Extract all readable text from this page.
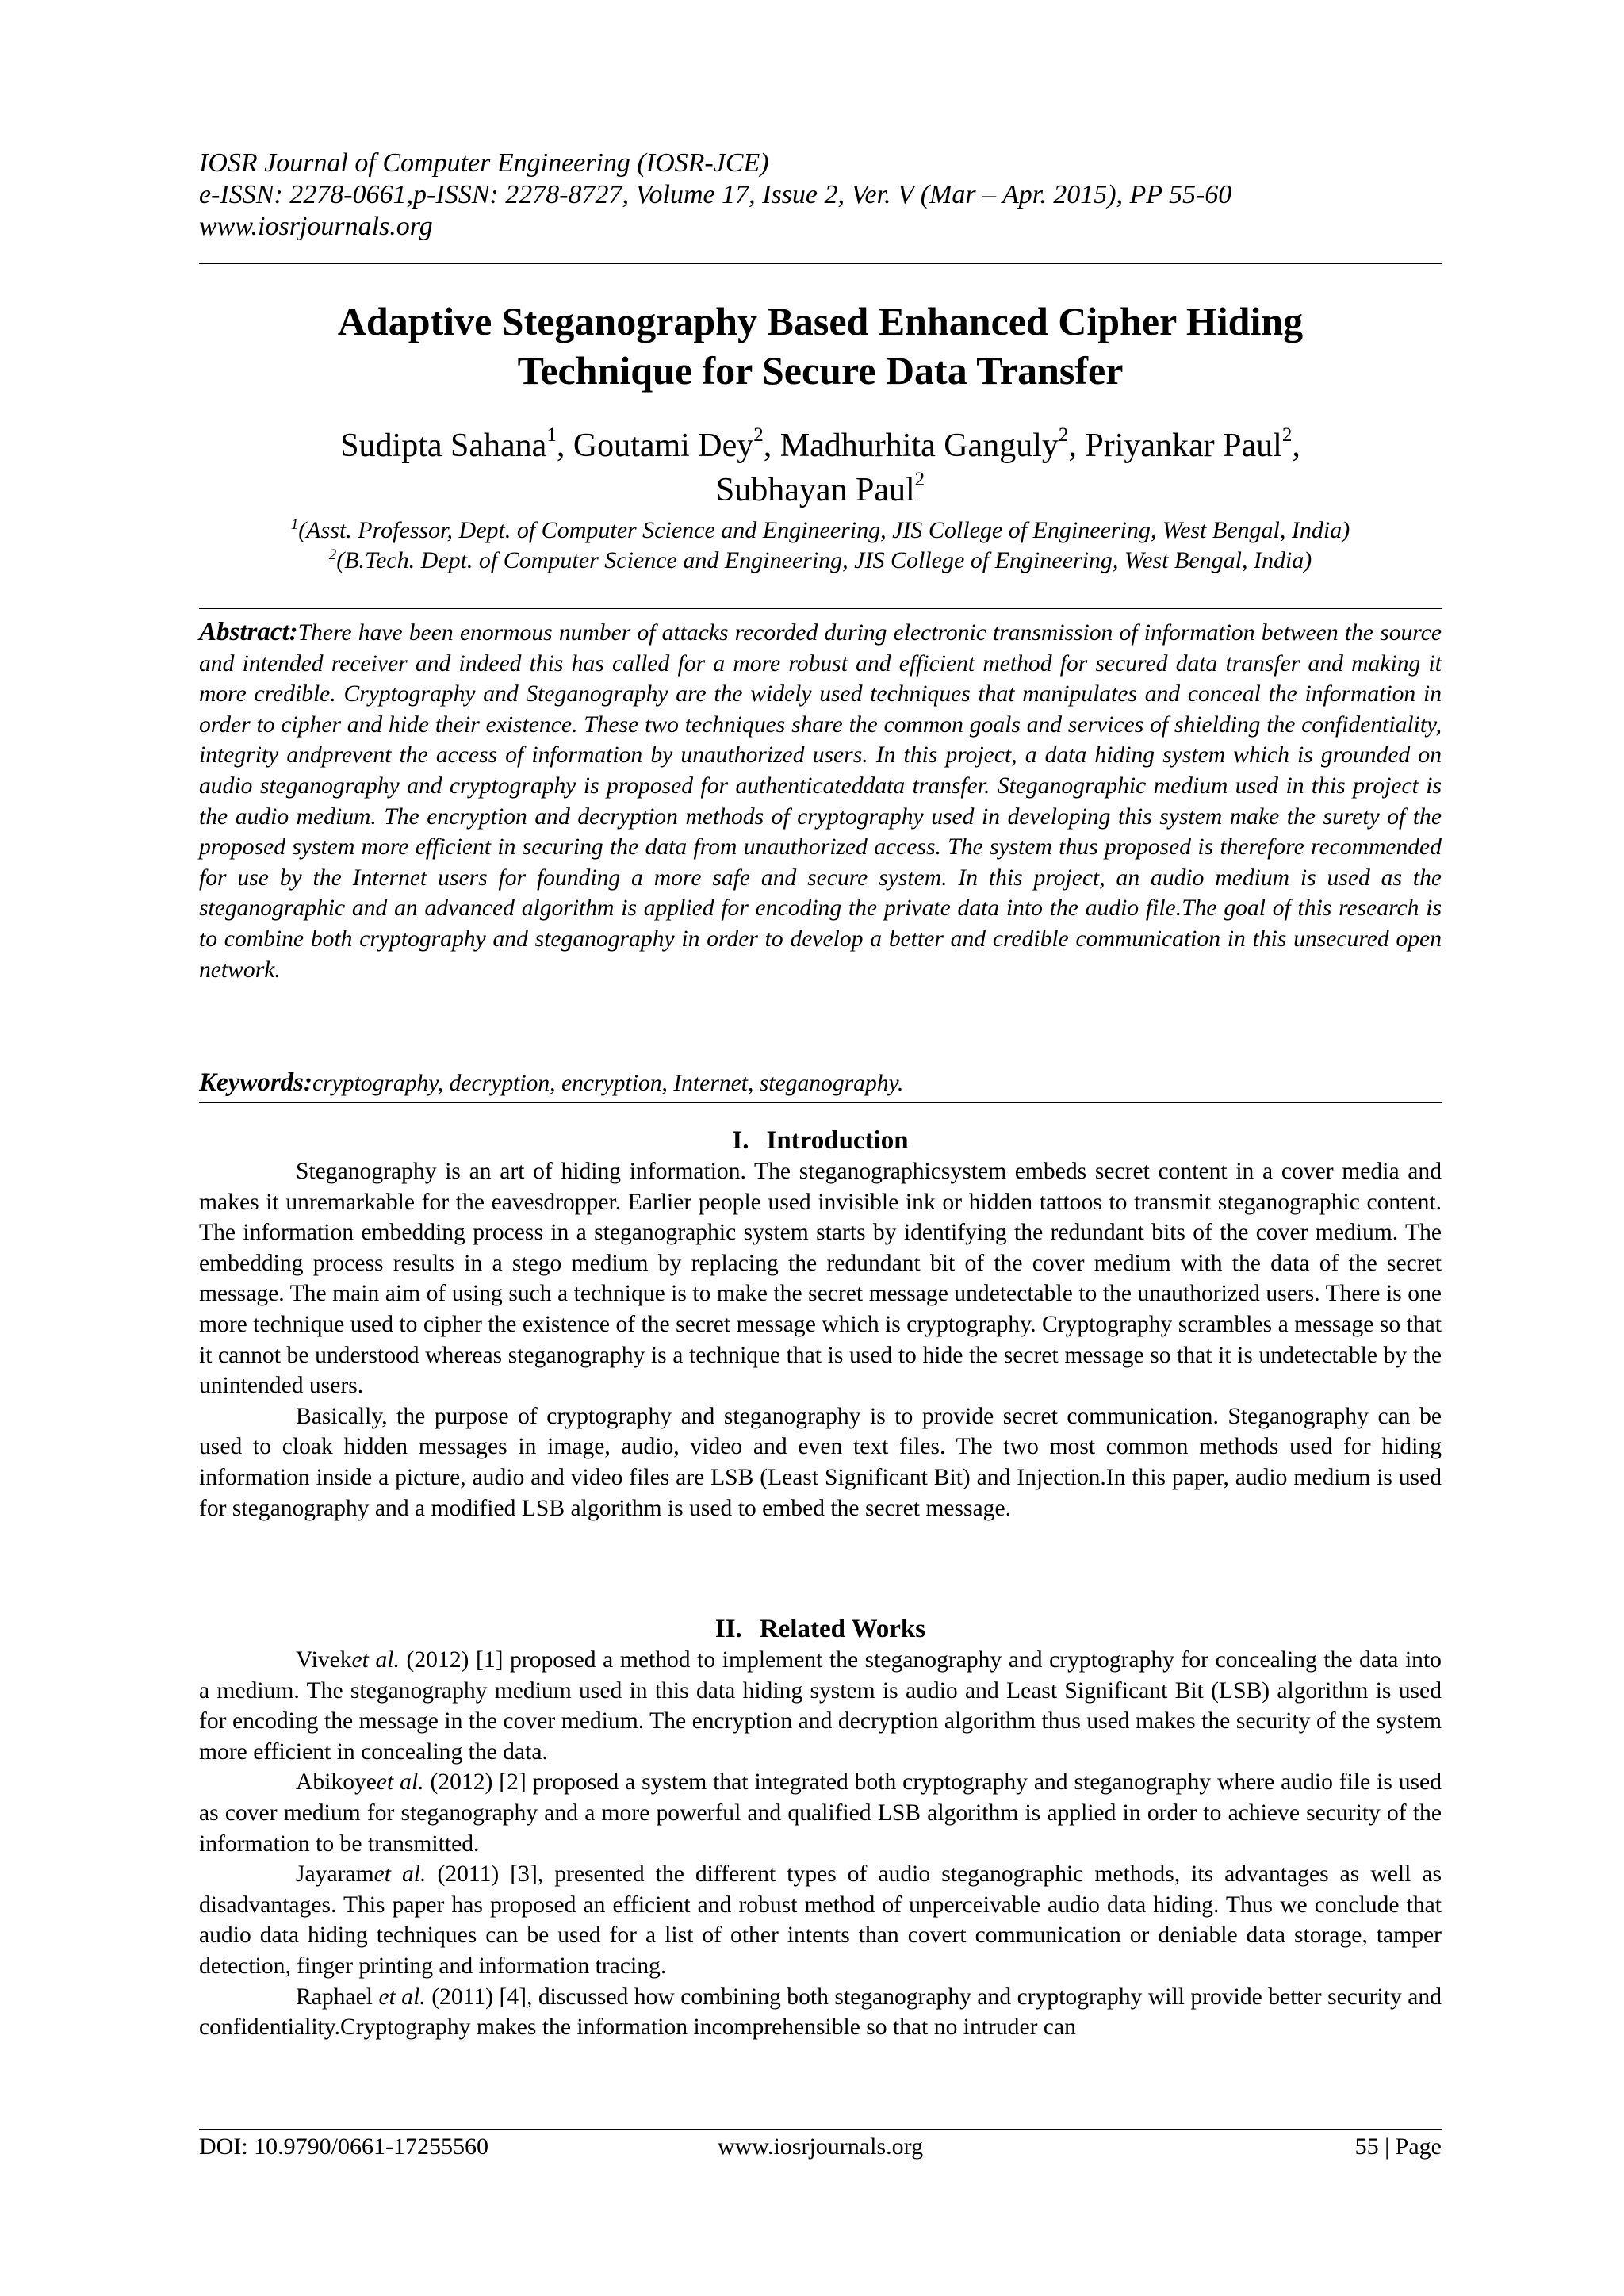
IOSR Journal of Computer Engineering (IOSR-JCE)
e-ISSN: 2278-0661,p-ISSN: 2278-8727, Volume 17, Issue 2, Ver. V (Mar – Apr. 2015), PP 55-60
www.iosrjournals.org
Adaptive Steganography Based Enhanced Cipher Hiding
Technique for Secure Data Transfer
Sudipta Sahana$^1$, Goutami Dey$^2$, Madhurhita Ganguly$^2$, Priyankar Paul$^2$,
Subhayan Paul$^2$
$^1$(Asst. Professor, Dept. of Computer Science and Engineering, JIS College of Engineering, West Bengal, India)
$^2$(B.Tech. Dept. of Computer Science and Engineering, JIS College of Engineering, West Bengal, India)
Abstract:There have been enormous number of attacks recorded during electronic transmission of information between the source and intended receiver and indeed this has called for a more robust and efficient method for secured data transfer and making it more credible. Cryptography and Steganography are the widely used techniques that manipulates and conceal the information in order to cipher and hide their existence. These two techniques share the common goals and services of shielding the confidentiality, integrity andprevent the access of information by unauthorized users. In this project, a data hiding system which is grounded on audio steganography and cryptography is proposed for authenticateddata transfer. Steganographic medium used in this project is the audio medium. The encryption and decryption methods of cryptography used in developing this system make the surety of the proposed system more efficient in securing the data from unauthorized access. The system thus proposed is therefore recommended for use by the Internet users for founding a more safe and secure system. In this project, an audio medium is used as the steganographic and an advanced algorithm is applied for encoding the private data into the audio file.The goal of this research is to combine both cryptography and steganography in order to develop a better and credible communication in this unsecured open network.
Keywords:cryptography, decryption, encryption, Internet, steganography.
I. Introduction

Steganography is an art of hiding information. The steganographicsystem embeds secret content in a cover media and makes it unremarkable for the eavesdropper. Earlier people used invisible ink or hidden tattoos to transmit steganographic content. The information embedding process in a steganographic system starts by identifying the redundant bits of the cover medium. The embedding process results in a stego medium by replacing the redundant bit of the cover medium with the data of the secret message. The main aim of using such a technique is to make the secret message undetectable to the unauthorized users. There is one more technique used to cipher the existence of the secret message which is cryptography. Cryptography scrambles a message so that it cannot be understood whereas steganography is a technique that is used to hide the secret message so that it is undetectable by the unintended users.

Basically, the purpose of cryptography and steganography is to provide secret communication. Steganography can be used to cloak hidden messages in image, audio, video and even text files. The two most common methods used for hiding information inside a picture, audio and video files are LSB (Least Significant Bit) and Injection.In this paper, audio medium is used for steganography and a modified LSB algorithm is used to embed the secret message.

II. Related Works

Viveket al. (2012) [1] proposed a method to implement the steganography and cryptography for concealing the data into a medium. The steganography medium used in this data hiding system is audio and Least Significant Bit (LSB) algorithm is used for encoding the message in the cover medium. The encryption and decryption algorithm thus used makes the security of the system more efficient in concealing the data.

Abikoyeet al. (2012) [2] proposed a system that integrated both cryptography and steganography where audio file is used as cover medium for steganography and a more powerful and qualified LSB algorithm is applied in order to achieve security of the information to be transmitted.

Jayaramet al. (2011) [3], presented the different types of audio steganographic methods, its advantages as well as disadvantages. This paper has proposed an efficient and robust method of unperceivable audio data hiding. Thus we conclude that audio data hiding techniques can be used for a list of other intents than covert communication or deniable data storage, tamper detection, finger printing and information tracing.

Raphael et al. (2011) [4], discussed how combining both steganography and cryptography will provide better security and confidentiality.Cryptography makes the information incomprehensible so that no intruder can

DOI: 10.9790/0661-17255560	www.iosrjournals.org	55 | Page
